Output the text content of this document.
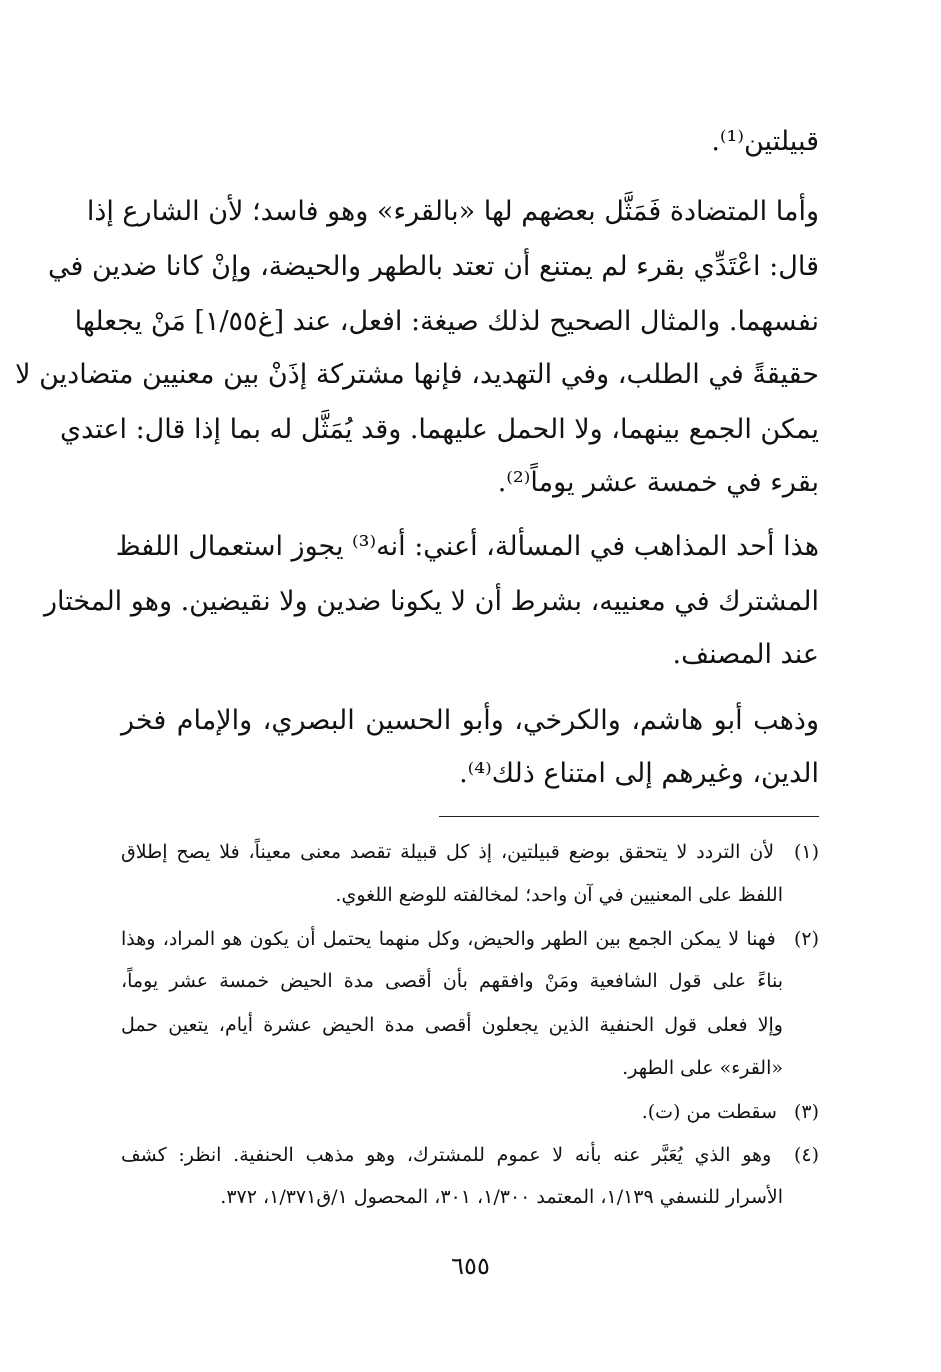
قبيلتين⁽¹⁾.
وأما المتضادة فَمَثَّل بعضهم لها «بالقرء» وهو فاسد؛ لأن الشارع إذا
قال: اعْتَدِّي بقرء لم يمتنع أن تعتد بالطهر والحيضة، وإنْ كانا ضدين في
نفسهما. والمثال الصحيح لذلك صيغة: افعل، عند [غ١/٥٥] مَنْ يجعلها
حقيقةً في الطلب، وفي التهديد، فإنها مشتركة إذَنْ بين معنيين متضادين لا
يمكن الجمع بينهما، ولا الحمل عليهما. وقد يُمَثَّل له بما إذا قال: اعتدي
بقرء في خمسة عشر يوماً⁽²⁾.
هذا أحد المذاهب في المسألة، أعني: أنه⁽³⁾ يجوز استعمال اللفظ
المشترك في معنييه، بشرط أن لا يكونا ضدين ولا نقيضين. وهو المختار
عند المصنف.
وذهب أبو هاشم، والكرخي، وأبو الحسين البصري، والإمام فخر
الدين، وغيرهم إلى امتناع ذلك⁽⁴⁾.
(١) لأن التردد لا يتحقق بوضع قبيلتين، إذ كل قبيلة تقصد معنى معيناً، فلا يصح إطلاق
اللفظ على المعنيين في آن واحد؛ لمخالفته للوضع اللغوي.
(٢) فهنا لا يمكن الجمع بين الطهر والحيض، وكل منهما يحتمل أن يكون هو المراد، وهذا
بناءً على قول الشافعية ومَنْ وافقهم بأن أقصى مدة الحيض خمسة عشر يوماً،
وإلا فعلى قول الحنفية الذين يجعلون أقصى مدة الحيض عشرة أيام، يتعين حمل
«القرء» على الطهر.
(٣) سقطت من (ت).
(٤) وهو الذي يُعَبَّر عنه بأنه لا عموم للمشترك، وهو مذهب الحنفية. انظر: كشف
الأسرار للنسفي ١/١٣٩، المعتمد ١/٣٠٠، ٣٠١، المحصول ١/ق١/٣٧١، ٣٧٢.
٦٥٥
